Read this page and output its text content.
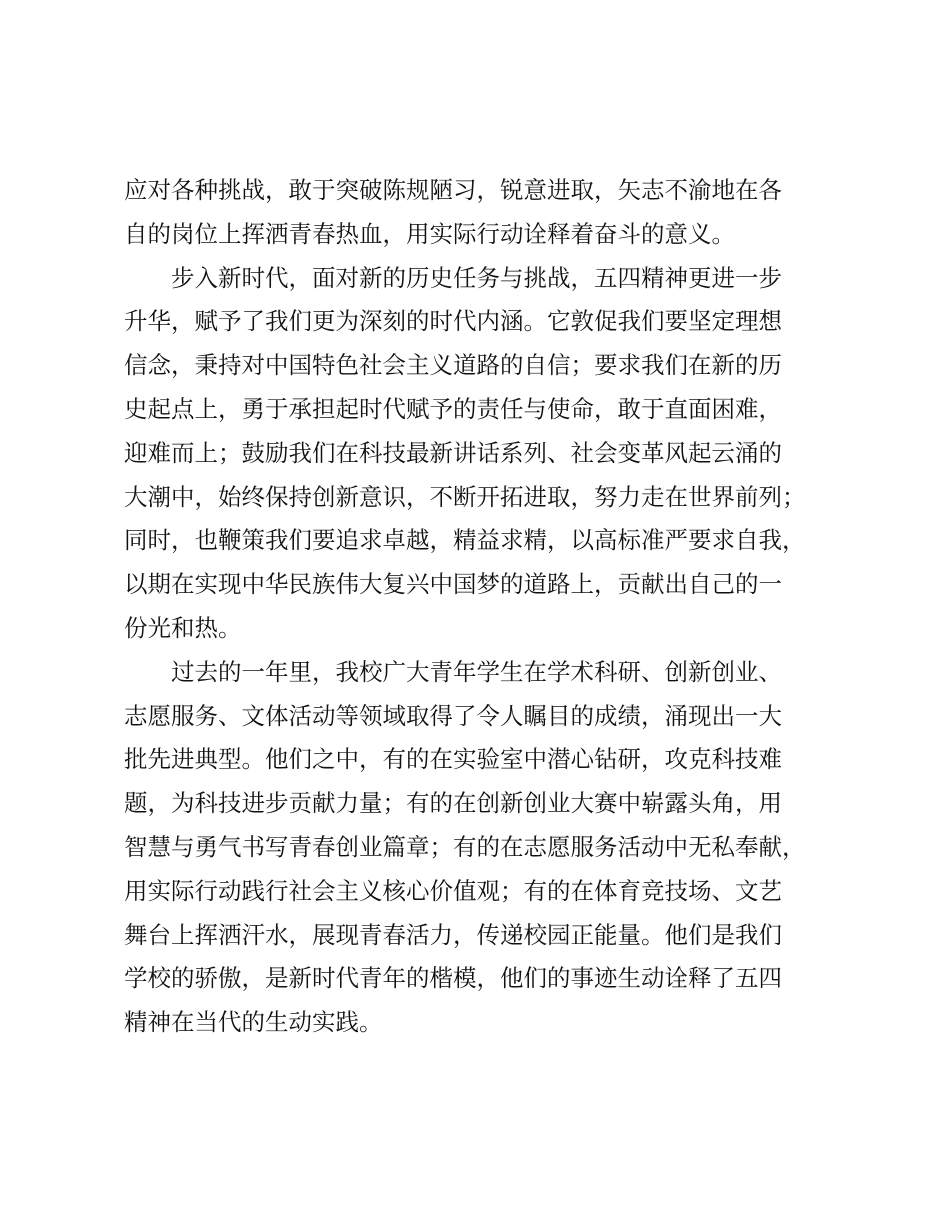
应对各种挑战，敢于突破陈规陋习，锐意进取，矢志不渝地在各
自的岗位上挥洒青春热血，用实际行动诠释着奋斗的意义。
步入新时代，面对新的历史任务与挑战，五四精神更进一步
升华，赋予了我们更为深刻的时代内涵。它敦促我们要坚定理想
信念，秉持对中国特色社会主义道路的自信；要求我们在新的历
史起点上，勇于承担起时代赋予的责任与使命，敢于直面困难，
迎难而上；鼓励我们在科技最新讲话系列、社会变革风起云涌的
大潮中，始终保持创新意识，不断开拓进取，努力走在世界前列；
同时，也鞭策我们要追求卓越，精益求精，以高标准严要求自我，
以期在实现中华民族伟大复兴中国梦的道路上，贡献出自己的一
份光和热。
过去的一年里，我校广大青年学生在学术科研、创新创业、
志愿服务、文体活动等领域取得了令人瞩目的成绩，涌现出一大
批先进典型。他们之中，有的在实验室中潜心钻研，攻克科技难
题，为科技进步贡献力量；有的在创新创业大赛中崭露头角，用
智慧与勇气书写青春创业篇章；有的在志愿服务活动中无私奉献，
用实际行动践行社会主义核心价值观；有的在体育竞技场、文艺
舞台上挥洒汗水，展现青春活力，传递校园正能量。他们是我们
学校的骄傲，是新时代青年的楷模，他们的事迹生动诠释了五四
精神在当代的生动实践。
